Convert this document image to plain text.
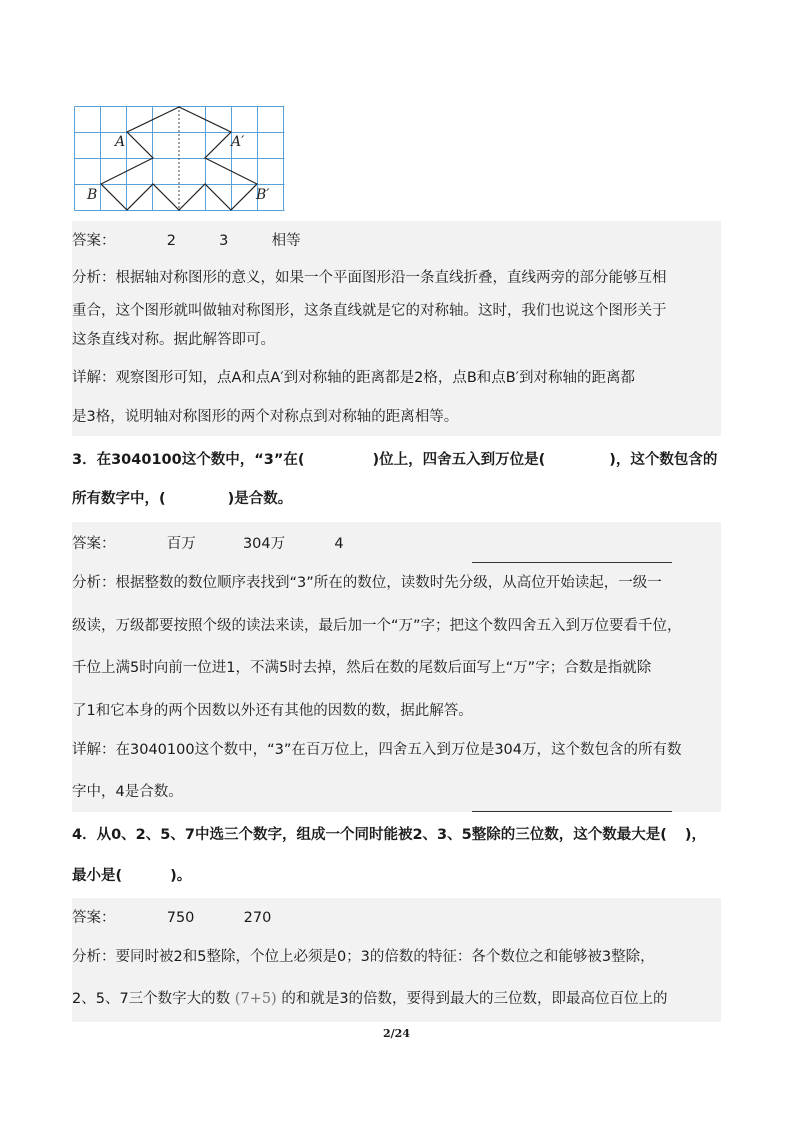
A	A′
B	B′
答案：	2	3	相等
分析：根据轴对称图形的意义，如果一个平面图形沿一条直线折叠，直线两旁的部分能够互相
重合，这个图形就叫做轴对称图形，这条直线就是它的对称轴。这时，我们也说这个图形关于
这条直线对称。据此解答即可。
详解：观察图形可知，点A和点A′到对称轴的距离都是2格，点B和点B′到对称轴的距离都
是3格，说明轴对称图形的两个对称点到对称轴的距离相等。
3．在3040100这个数中，“3”在(	)位上，四舍五入到万位是(	)，这个数包含的
所有数字中，(	)是合数。
答案：	百万	304万	4
分析：根据整数的数位顺序表找到“3”所在的数位，读数时先分级，从高位开始读起，一级一
级读，万级都要按照个级的读法来读，最后加一个“万”字；把这个数四舍五入到万位要看千位，
千位上满5时向前一位进1，不满5时去掉，然后在数的尾数后面写上“万”字；合数是指就除
了1和它本身的两个因数以外还有其他的因数的数，据此解答。
详解：在3040100这个数中，“3”在百万位上，四舍五入到万位是304万，这个数包含的所有数
字中，4是合数。
4．从0、2、5、7中选三个数字，组成一个同时能被2、3、5整除的三位数，这个数最大是( )，
最小是(	)。
答案：	750	270
分析：要同时被2和5整除，个位上必须是0；3的倍数的特征：各个数位之和能够被3整除，
2、5、7三个数字大的数 (7+5) 的和就是3的倍数，要得到最大的三位数，即最高位百位上的
2/24
